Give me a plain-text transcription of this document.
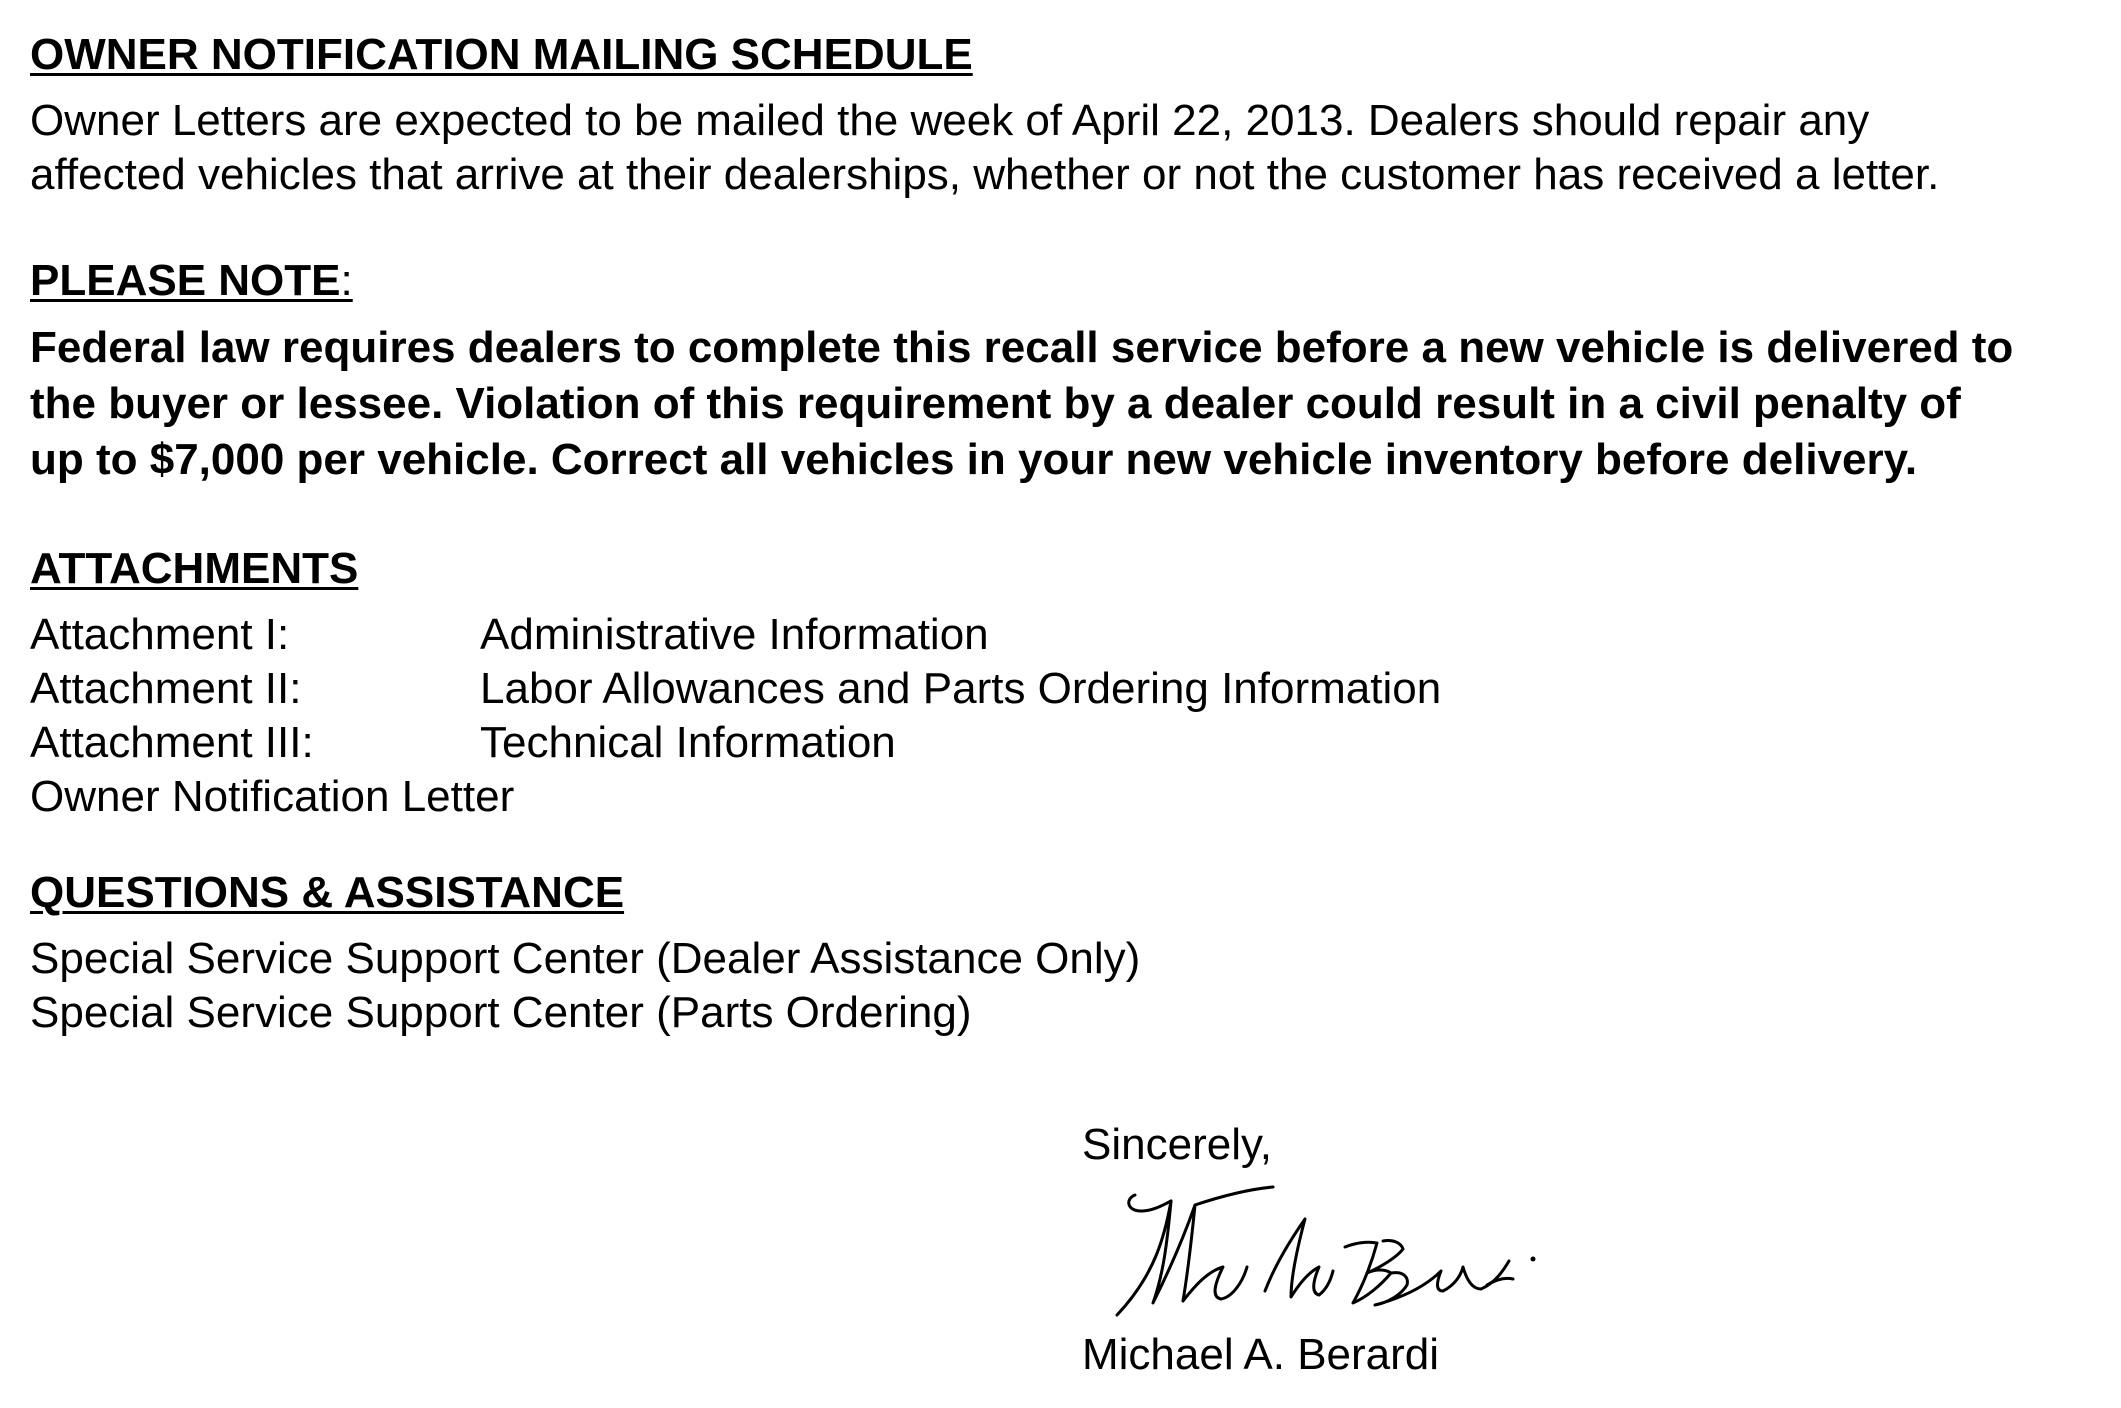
OWNER NOTIFICATION MAILING SCHEDULE
Owner Letters are expected to be mailed the week of April 22, 2013. Dealers should repair any
affected vehicles that arrive at their dealerships, whether or not the customer has received a letter.
PLEASE NOTE:
Federal law requires dealers to complete this recall service before a new vehicle is delivered to
the buyer or lessee. Violation of this requirement by a dealer could result in a civil penalty of
up to $7,000 per vehicle. Correct all vehicles in your new vehicle inventory before delivery.
ATTACHMENTS
Attachment I:	Administrative Information
Attachment II:	Labor Allowances and Parts Ordering Information
Attachment III:	Technical Information
Owner Notification Letter
QUESTIONS & ASSISTANCE
Special Service Support Center (Dealer Assistance Only)
Special Service Support Center (Parts Ordering)
Sincerely,
Michael A. Berardi
